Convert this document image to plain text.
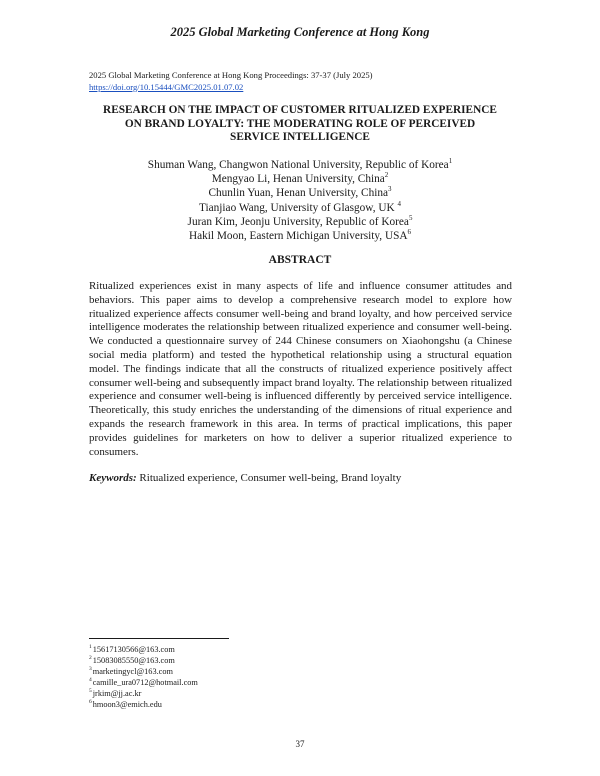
2025 Global Marketing Conference at Hong Kong
2025 Global Marketing Conference at Hong Kong Proceedings: 37-37 (July 2025)
https://doi.org/10.15444/GMC2025.01.07.02
RESEARCH ON THE IMPACT OF CUSTOMER RITUALIZED EXPERIENCE
ON BRAND LOYALTY: THE MODERATING ROLE OF PERCEIVED
SERVICE INTELLIGENCE
Shuman Wang, Changwon National University, Republic of Korea$^1$
Mengyao Li, Henan University, China$^2$
Chunlin Yuan, Henan University, China$^3$
Tianjiao Wang, University of Glasgow, UK $^4$
Juran Kim, Jeonju University, Republic of Korea$^5$
Hakil Moon, Eastern Michigan University, USA$^6$
ABSTRACT
Ritualized experiences exist in many aspects of life and influence consumer attitudes and behaviors. This paper aims to develop a comprehensive research model to explore how ritualized experience affects consumer well-being and brand loyalty, and how perceived service intelligence moderates the relationship between ritualized experience and consumer well-being. We conducted a questionnaire survey of 244 Chinese consumers on Xiaohongshu (a Chinese social media platform) and tested the hypothetical relationship using a structural equation model. The findings indicate that all the constructs of ritualized experience positively affect consumer well-being and subsequently impact brand loyalty. The relationship between ritualized experience and consumer well-being is influenced differently by perceived service intelligence. Theoretically, this study enriches the understanding of the dimensions of ritual experience and expands the research framework in this area. In terms of practical implications, this paper provides guidelines for marketers on how to deliver a superior ritualized experience to consumers.
Keywords: Ritualized experience, Consumer well-being, Brand loyalty
$^1$15617130566@163.com
$^2$15083085550@163.com
$^3$marketingycl@163.com
$^4$camille_ura0712@hotmail.com
$^5$jrkim@jj.ac.kr
$^6$hmoon3@emich.edu
37
